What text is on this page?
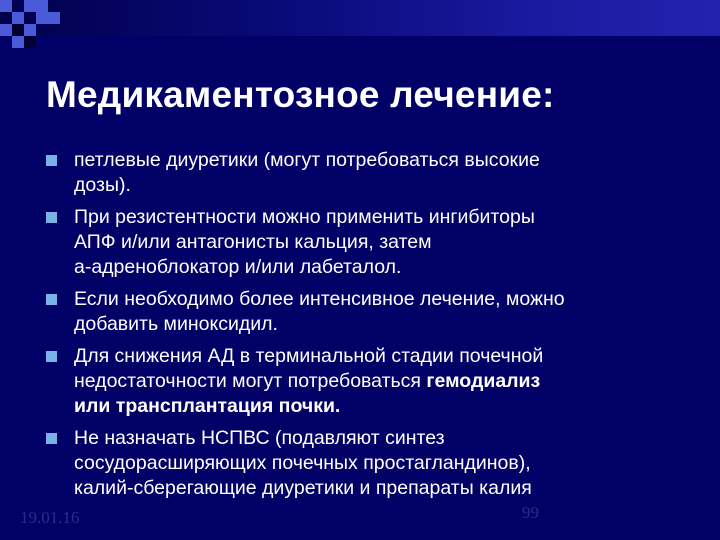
Медикаментозное лечение:
петлевые диуретики (могут потребоваться высокие
дозы).
При резистентности можно применить ингибиторы
АПФ и/или антагонисты кальция, затем
а-адреноблокатор и/или лабеталол.
Если необходимо более интенсивное лечение, можно
добавить миноксидил.
Для снижения АД в терминальной стадии почечной
недостаточности могут потребоваться гемодиализ
или трансплантация почки.
Не назначать НСПВС (подавляют синтез
сосудорасширяющих почечных простагландинов),
калий-сберегающие диуретики и препараты калия
19.01.16	99
